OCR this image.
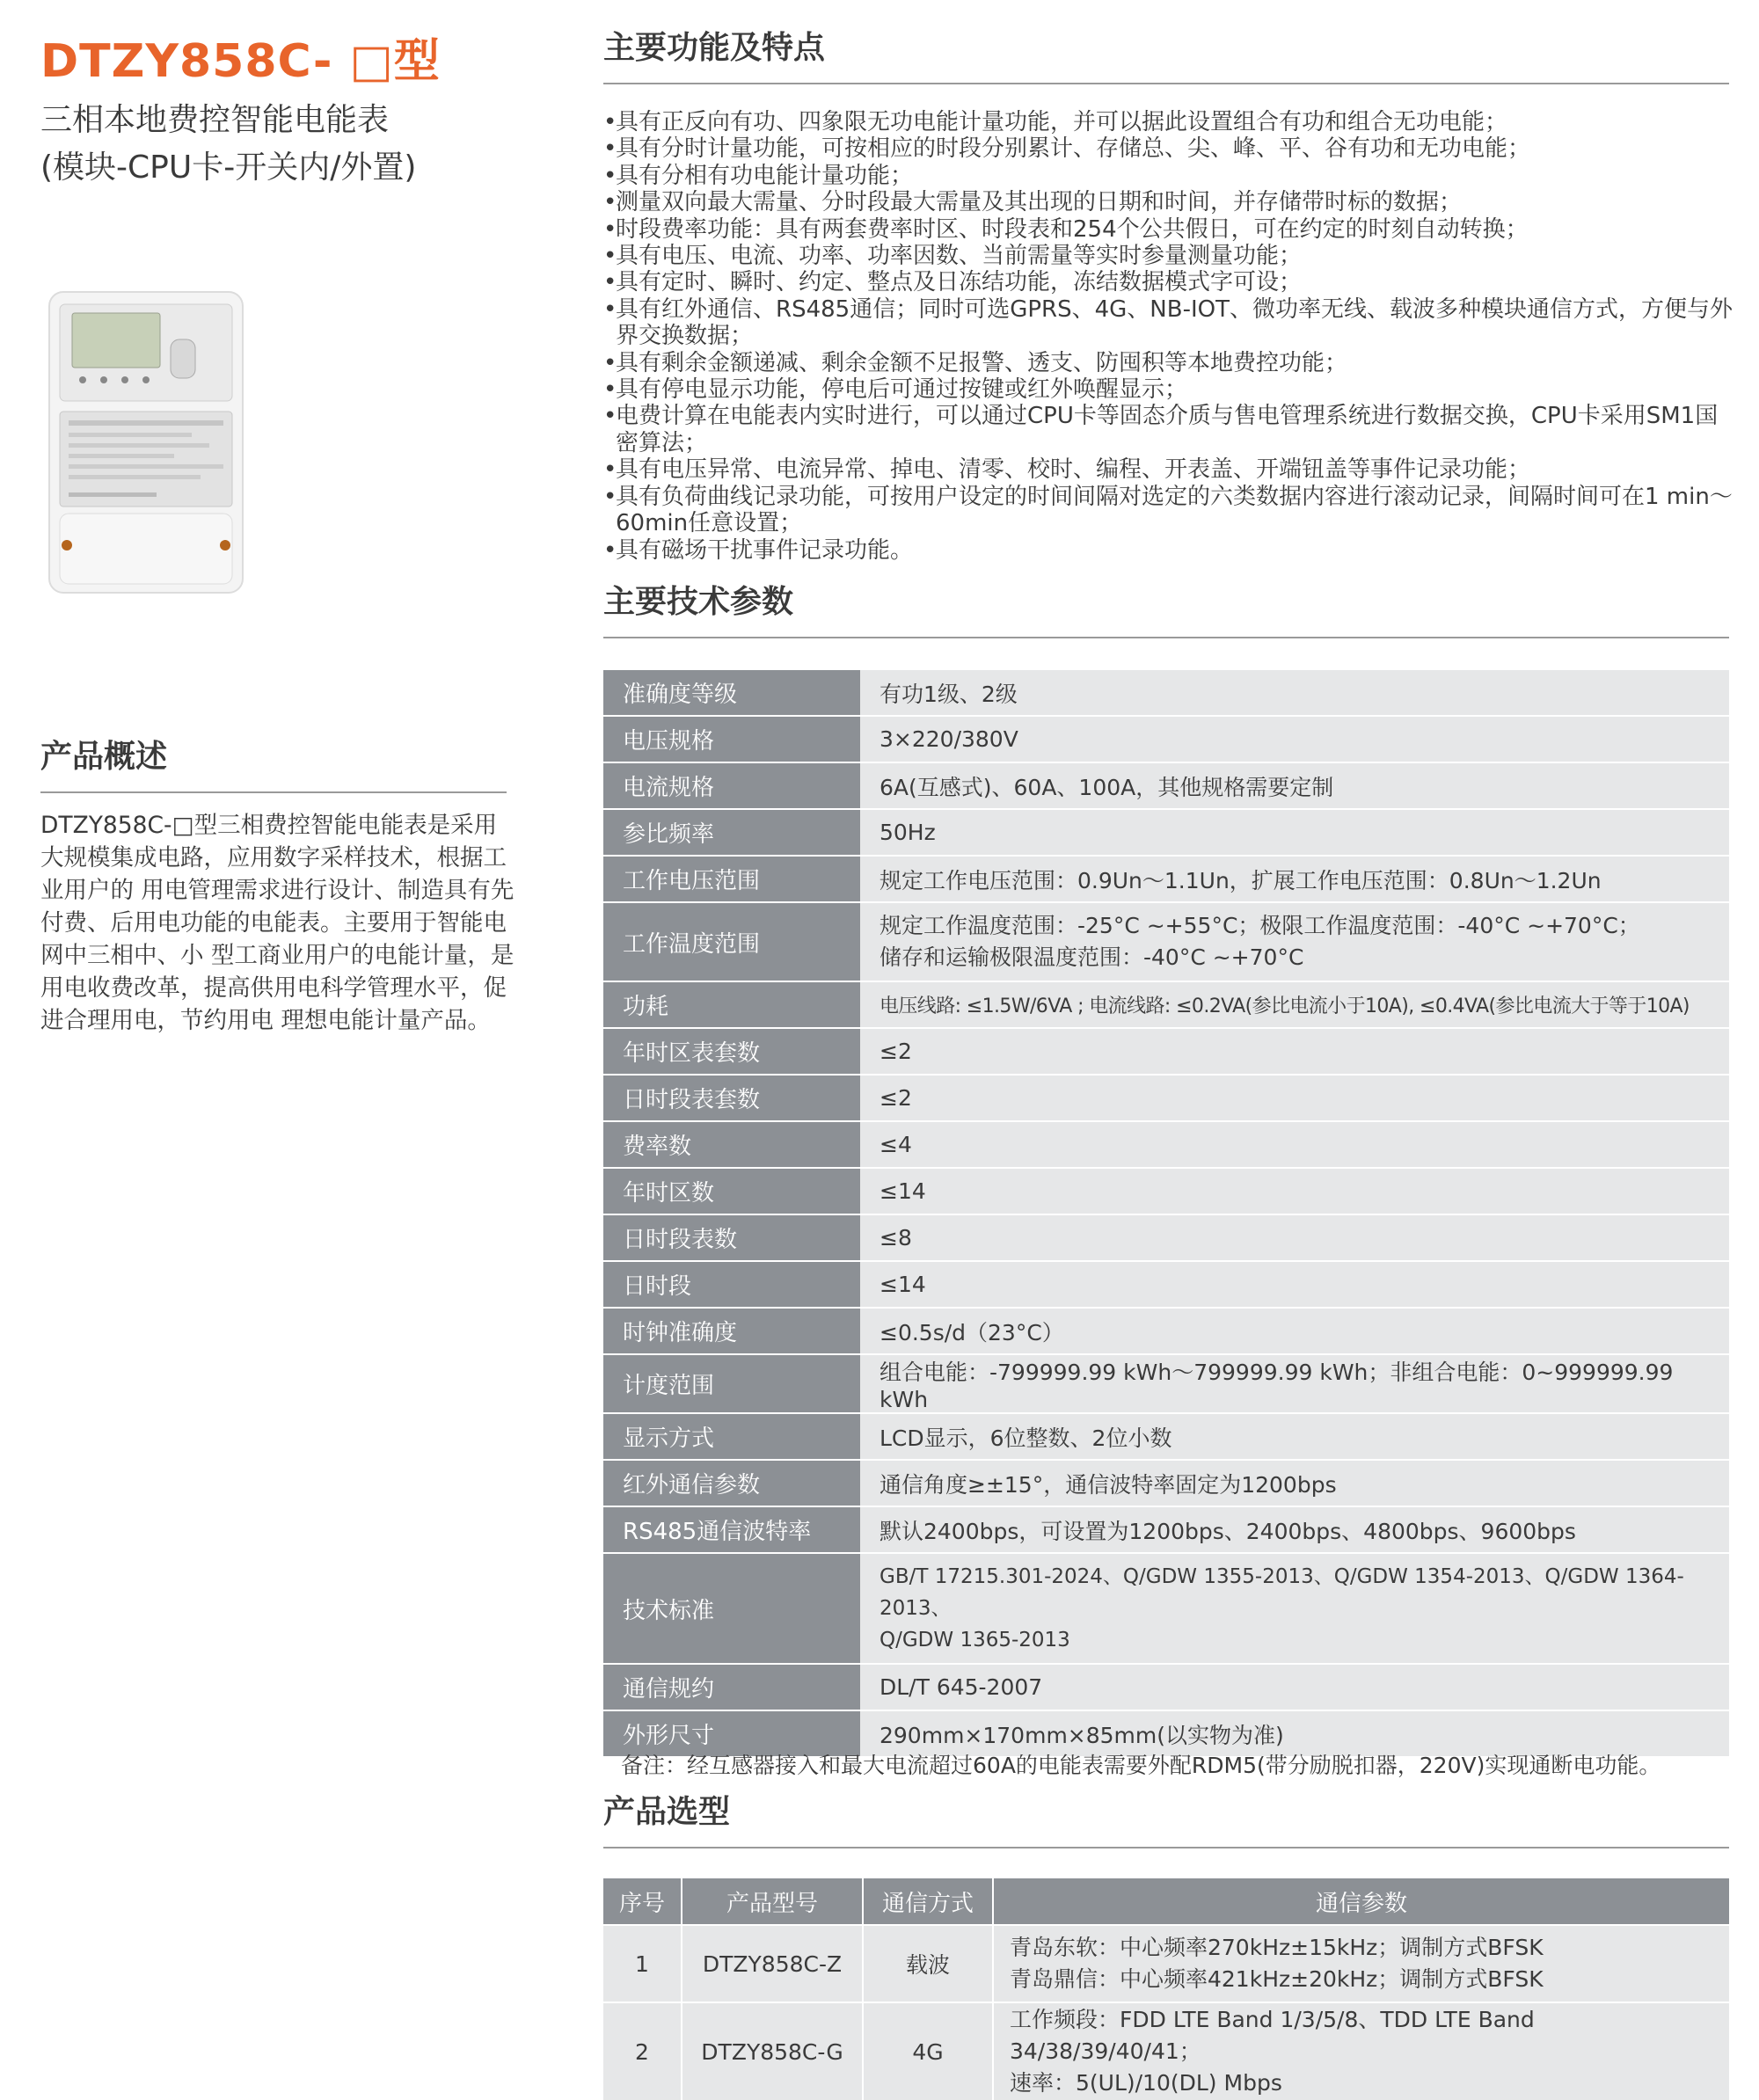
DTZY858C- □型

三相本地费控智能电能表

(模块-CPU卡-开关内/外置)

产品概述

DTZY858C-□型三相费控智能电能表是采用大规模集成电路，应用数字采样技术，根据工业用户的 用电管理需求进行设计、制造具有先付费、后用电功能的电能表。主要用于智能电网中三相中、小 型工商业用户的电能计量，是用电收费改革，提高供用电科学管理水平，促进合理用电，节约用电 理想电能计量产品。

主要功能及特点
• 具有正反向有功、四象限无功电能计量功能，并可以据此设置组合有功和组合无功电能；
• 具有分时计量功能，可按相应的时段分别累计、存储总、尖、峰、平、谷有功和无功电能；
• 具有分相有功电能计量功能；
• 测量双向最大需量、分时段最大需量及其出现的日期和时间，并存储带时标的数据；
• 时段费率功能：具有两套费率时区、时段表和254个公共假日，可在约定的时刻自动转换；
• 具有电压、电流、功率、功率因数、当前需量等实时参量测量功能；
• 具有定时、瞬时、约定、整点及日冻结功能，冻结数据模式字可设；
• 具有红外通信、RS485通信；同时可选GPRS、4G、NB-IOT、微功率无线、载波多种模块通信方式，方便与外界交换数据；
• 具有剩余金额递减、剩余金额不足报警、透支、防囤积等本地费控功能；
• 具有停电显示功能，停电后可通过按键或红外唤醒显示；
• 电费计算在电能表内实时进行，可以通过CPU卡等固态介质与售电管理系统进行数据交换，CPU卡采用SM1国密算法；
• 具有电压异常、电流异常、掉电、清零、校时、编程、开表盖、开端钮盖等事件记录功能；
• 具有负荷曲线记录功能，可按用户设定的时间间隔对选定的六类数据内容进行滚动记录，间隔时间可在1 min～60min任意设置；
• 具有磁场干扰事件记录功能。
主要技术参数
准确度等级	有功1级、2级
电压规格	3×220/380V
电流规格	6A(互感式)、60A、100A，其他规格需要定制
参比频率	50Hz
工作电压范围	规定工作电压范围：0.9Un～1.1Un，扩展工作电压范围：0.8Un～1.2Un
工作温度范围	规定工作温度范围：-25°C ~+55°C；极限工作温度范围：-40°C ~+70°C；
储存和运输极限温度范围：-40°C ~+70°C

功耗	电压线路: ≤1.5W/6VA ; 电流线路: ≤0.2VA(参比电流小于10A), ≤0.4VA(参比电流大于等于10A)
年时区表套数	≤2
日时段表套数	≤2
费率数	≤4
年时区数	≤14
日时段表数	≤8
日时段	≤14
时钟准确度	≤0.5s/d（23°C）
计度范围	组合电能：-799999.99 kWh～799999.99 kWh；非组合电能：0~999999.99 kWh
显示方式	LCD显示，6位整数、2位小数
红外通信参数	通信角度≥±15°，通信波特率固定为1200bps
RS485通信波特率	默认2400bps，可设置为1200bps、2400bps、4800bps、9600bps
技术标准	GB/T 17215.301-2024、Q/GDW 1355-2013、Q/GDW 1354-2013、Q/GDW 1364-2013、
Q/GDW 1365-2013

通信规约	DL/T 645-2007
外形尺寸	290mm×170mm×85mm(以实物为准)

备注：经互感器接入和最大电流超过60A的电能表需要外配RDM5(带分励脱扣器，220V)实现通断电功能。

产品选型
序号	产品型号	通信方式	通信参数
1	DTZY858C-Z	载波	青岛东软：中心频率270kHz±15kHz；调制方式BFSK
青岛鼎信：中心频率421kHz±20kHz；调制方式BFSK

2	DTZY858C-G	4G	工作频段：FDD LTE Band 1/3/5/8、TDD LTE Band 34/38/39/40/41；
速率：5(UL)/10(DL) Mbps
